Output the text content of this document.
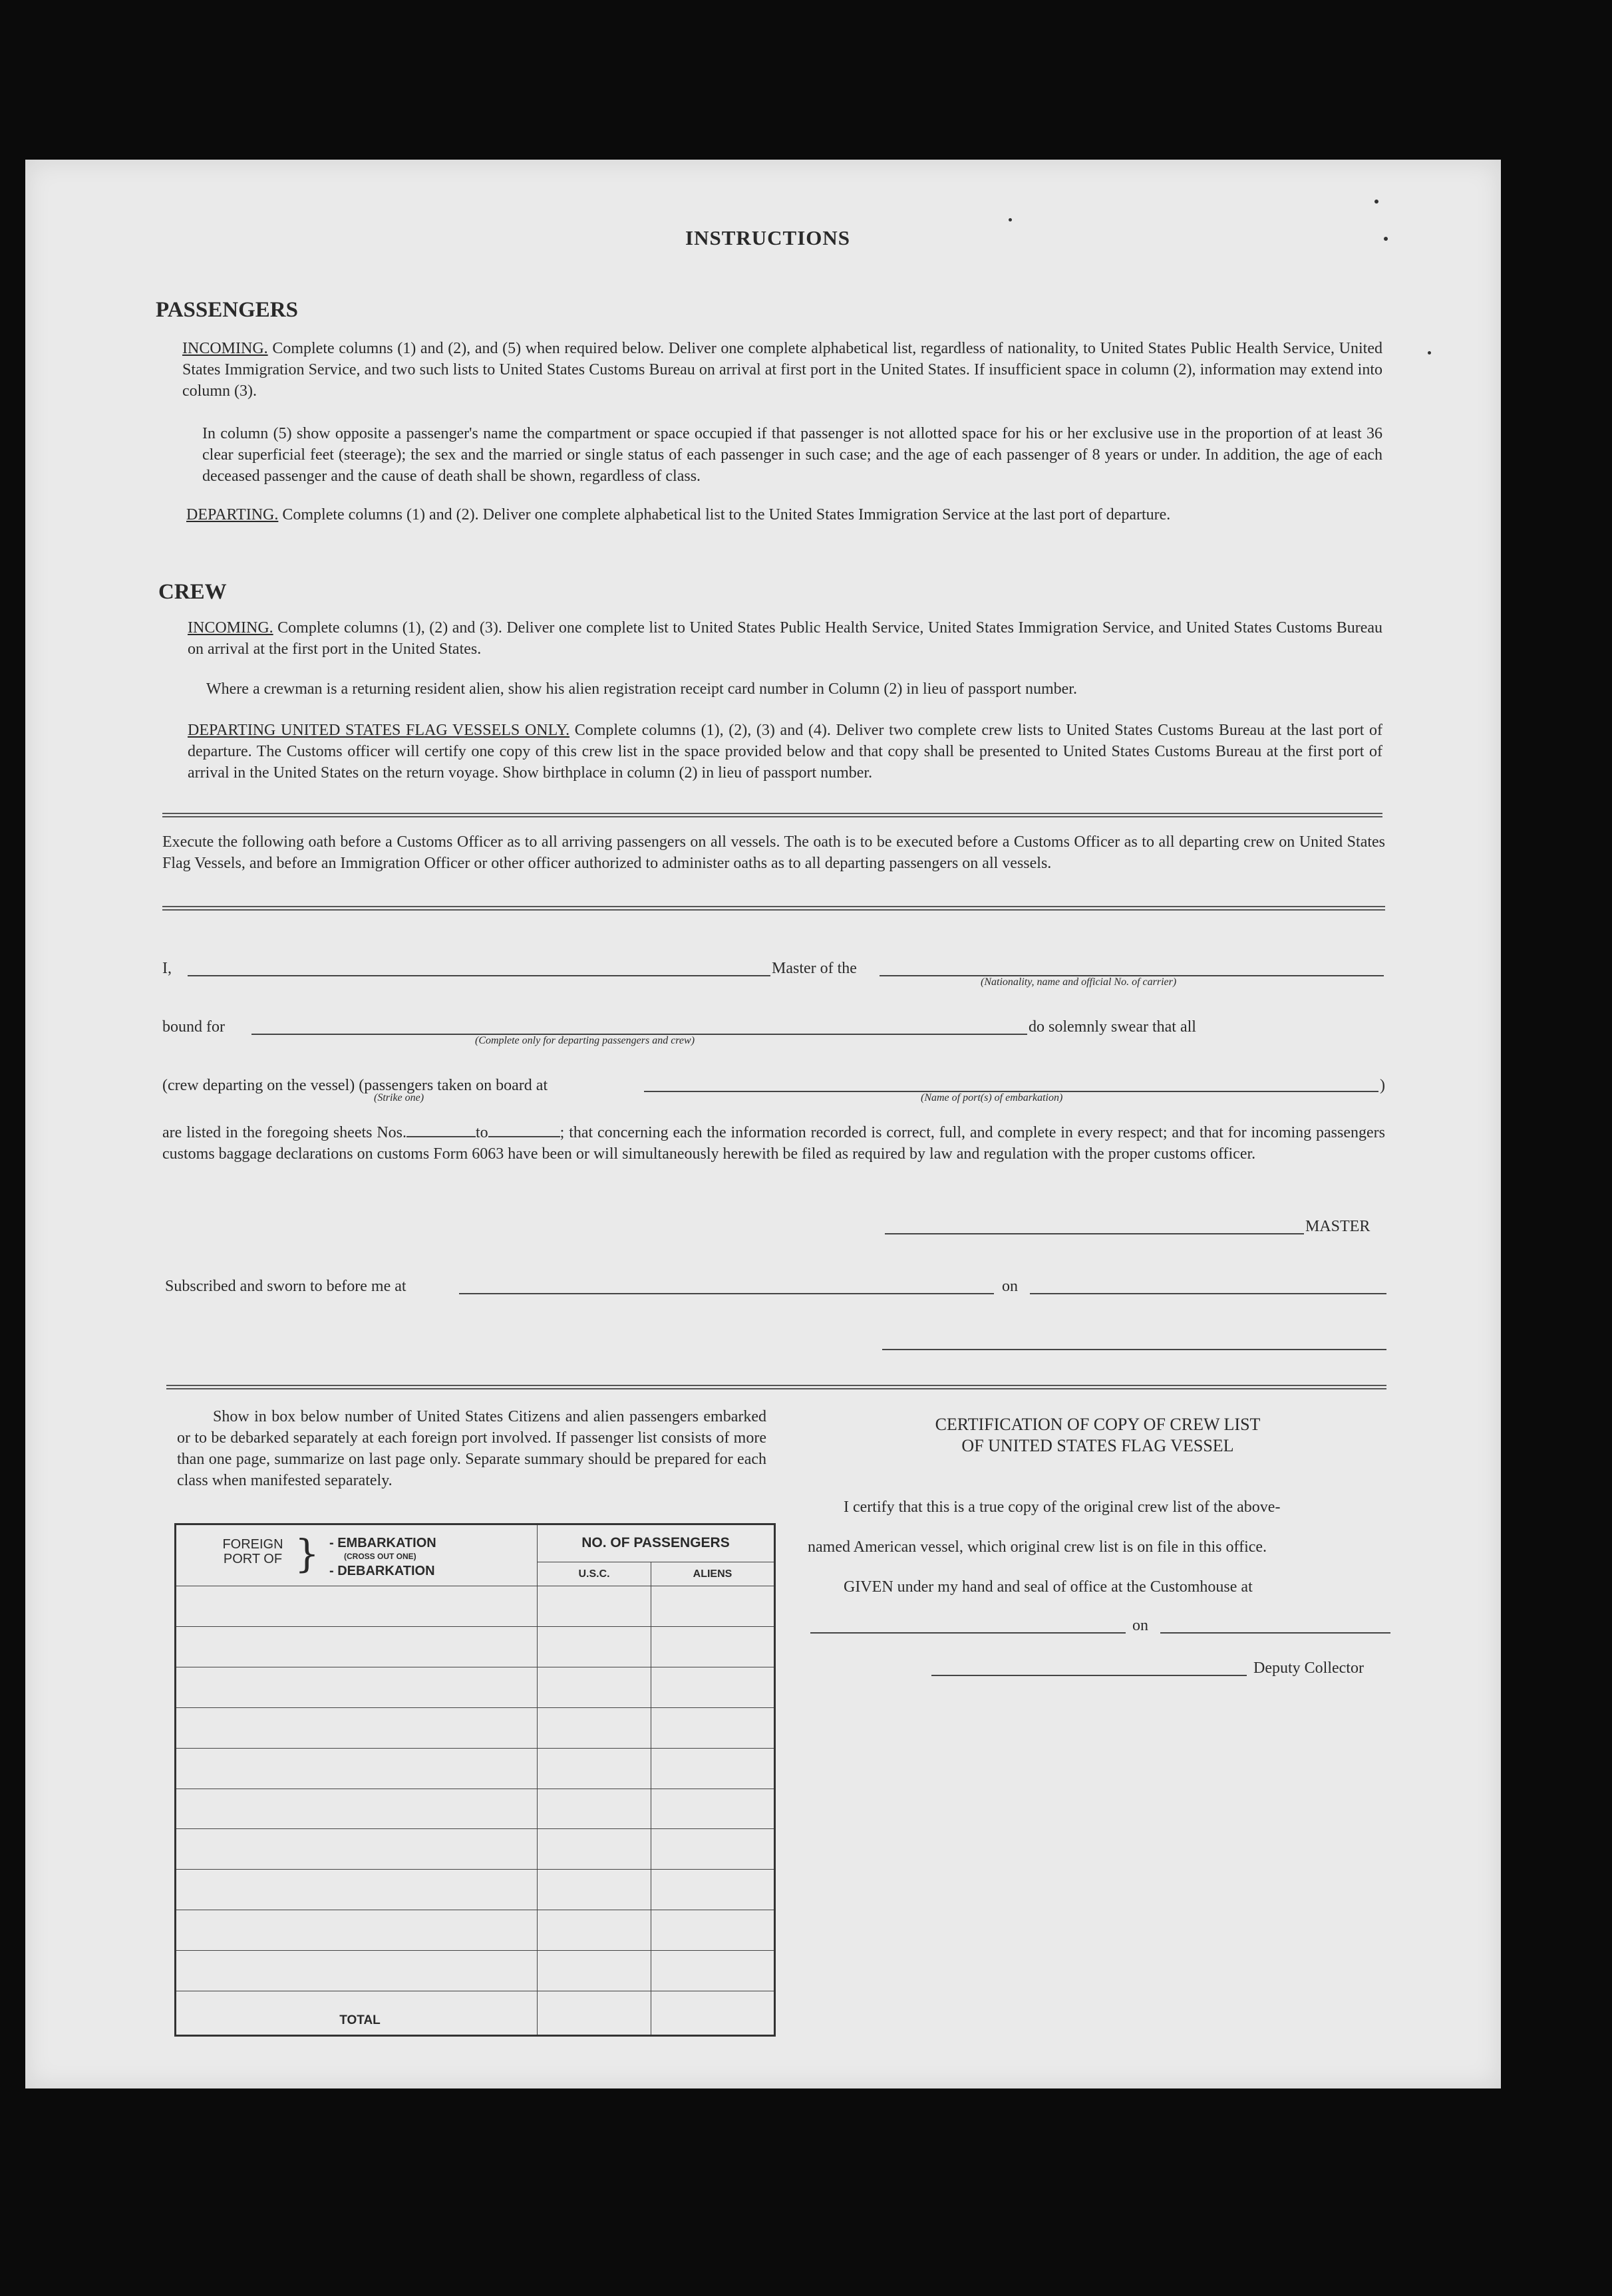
INSTRUCTIONS
PASSENGERS
INCOMING. Complete columns (1) and (2), and (5) when required below. Deliver one complete alphabetical list, regardless of nationality, to United States Public Health Service, United States Immigration Service, and two such lists to United States Customs Bureau on arrival at first port in the United States. If insufficient space in column (2), information may extend into column (3).
In column (5) show opposite a passenger's name the compartment or space occupied if that passenger is not allotted space for his or her exclusive use in the proportion of at least 36 clear superficial feet (steerage); the sex and the married or single status of each passenger in such case; and the age of each passenger of 8 years or under. In addition, the age of each deceased passenger and the cause of death shall be shown, regardless of class.
DEPARTING. Complete columns (1) and (2). Deliver one complete alphabetical list to the United States Immigration Service at the last port of departure.
CREW
INCOMING. Complete columns (1), (2) and (3). Deliver one complete list to United States Public Health Service, United States Immigration Service, and United States Customs Bureau on arrival at the first port in the United States.
Where a crewman is a returning resident alien, show his alien registration receipt card number in Column (2) in lieu of passport number.
DEPARTING UNITED STATES FLAG VESSELS ONLY. Complete columns (1), (2), (3) and (4). Deliver two complete crew lists to United States Customs Bureau at the last port of departure. The Customs officer will certify one copy of this crew list in the space provided below and that copy shall be presented to United States Customs Bureau at the first port of arrival in the United States on the return voyage. Show birthplace in column (2) in lieu of passport number.
Execute the following oath before a Customs Officer as to all arriving passengers on all vessels. The oath is to be executed before a Customs Officer as to all departing crew on United States Flag Vessels, and before an Immigration Officer or other officer authorized to administer oaths as to all departing passengers on all vessels.
I,	Master of the
(Nationality, name and official No. of carrier)
bound for
(Complete only for departing passengers and crew)
do solemnly swear that all
(crew departing on the vessel) (passengers taken on board at
(Strike one)	(Name of port(s) of embarkation)
)
are listed in the foregoing sheets Nos.	to	; that concerning each the information recorded is correct, full, and complete in every respect; and that for incoming passengers customs baggage declarations on customs Form 6063 have been or will simultaneously herewith be filed as required by law and regulation with the proper customs officer.
MASTER
Subscribed and sworn to before me at	on
Show in box below number of United States Citizens and alien passengers embarked or to be debarked separately at each foreign port involved. If passenger list consists of more than one page, summarize on last page only. Separate summary should be prepared for each class when manifested separately.
FOREIGN PORT OF } - EMBARKATION
(CROSS OUT ONE)
- DEBARKATION	NO. OF PASSENGERS	
	U.S.C.	ALIENS

TOTAL		
CERTIFICATION OF COPY OF CREW LIST
OF UNITED STATES FLAG VESSEL
I certify that this is a true copy of the original crew list of the above-
named American vessel, which original crew list is on file in this office.
GIVEN under my hand and seal of office at the Customhouse at
on
Deputy Collector
